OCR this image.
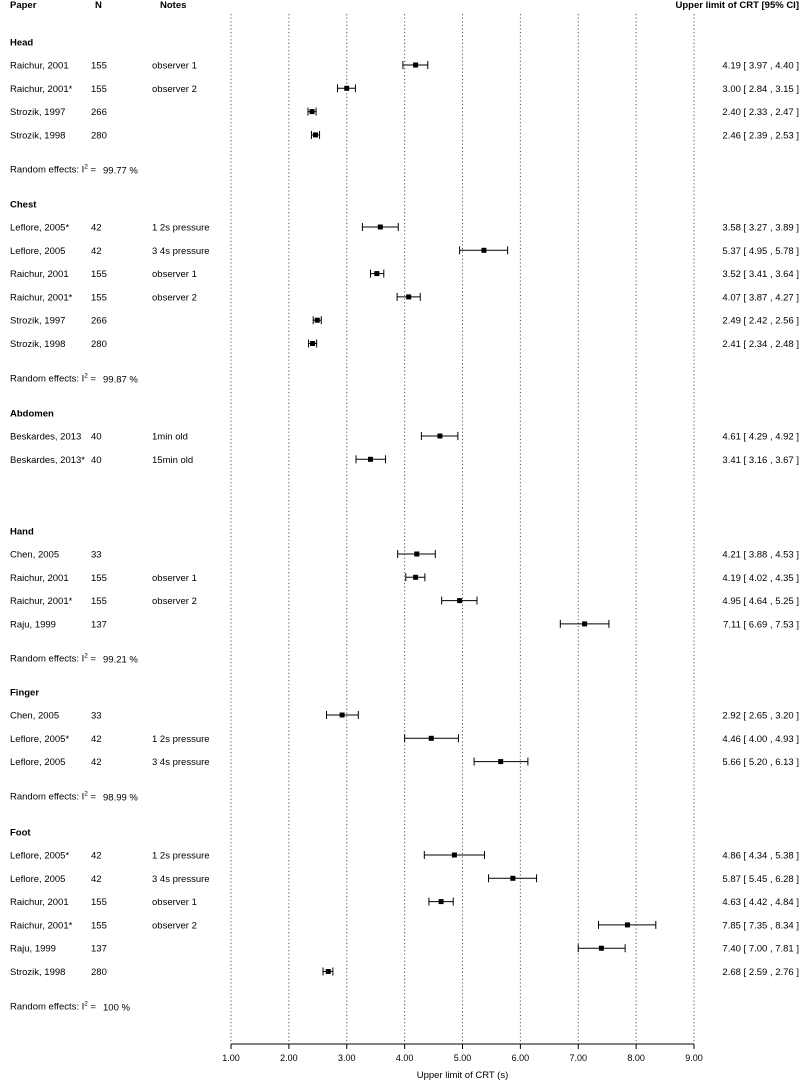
Paper	N	Notes	Upper limit of CRT [95% CI]
Head
Raichur, 2001 155	observer 1	4.19 [ 3.97 , 4.40 ]
Raichur, 2001* 155	observer 2	3.00 [ 2.84 , 3.15 ]
Strozik, 1997	266	2.40 [ 2.33 , 2.47 ]
Strozik, 1998	280	2.46 [ 2.39 , 2.53 ]
Random effects: $I^2 = 99.77$ %
Chest
Leflore, 2005* 42	1 2s pressure	3.58 [ 3.27 , 3.89 ]
Leflore, 2005	42	3 4s pressure	5.37 [ 4.95 , 5.78 ]
Raichur, 2001 155	observer 1	3.52 [ 3.41 , 3.64 ]
Raichur, 2001* 155	observer 2	4.07 [ 3.87 , 4.27 ]
Strozik, 1997	266	2.49 [ 2.42 , 2.56 ]
Strozik, 1998	280	2.41 [ 2.34 , 2.48 ]
Random effects: $I^2 = 99.87$ %
Abdomen
Beskardes, 2013 40	1min old	4.61 [ 4.29 , 4.92 ]
Beskardes, 2013* 40	15min old	3.41 [ 3.16 , 3.67 ]
Hand
Chen, 2005	33	4.21 [ 3.88 , 4.53 ]
Raichur, 2001 155	observer 1	4.19 [ 4.02 , 4.35 ]
Raichur, 2001* 155	observer 2	4.95 [ 4.64 , 5.25 ]
Raju, 1999	137	7.11 [ 6.69 , 7.53 ]
Random effects: $I^2 = 99.21$ %
Finger
Chen, 2005	33	2.92 [ 2.65 , 3.20 ]
Leflore, 2005* 42	1 2s pressure	4.46 [ 4.00 , 4.93 ]
Leflore, 2005	42	3 4s pressure	5.66 [ 5.20 , 6.13 ]
Random effects: $I^2 = 98.99$ %
Foot
Leflore, 2005* 42	1 2s pressure	4.86 [ 4.34 , 5.38 ]
Leflore, 2005	42	3 4s pressure	5.87 [ 5.45 , 6.28 ]
Raichur, 2001 155	observer 1	4.63 [ 4.42 , 4.84 ]
Raichur, 2001* 155	observer 2	7.85 [ 7.35 , 8.34 ]
Raju, 1999	137	7.40 [ 7.00 , 7.81 ]
Strozik, 1998	280	2.68 [ 2.59 , 2.76 ]
Random effects: $I^2 = 100$ %
1.00	2.00	3.00	4.00	5.00	6.00	7.00	8.00	9.00
Upper limit of CRT (s)
